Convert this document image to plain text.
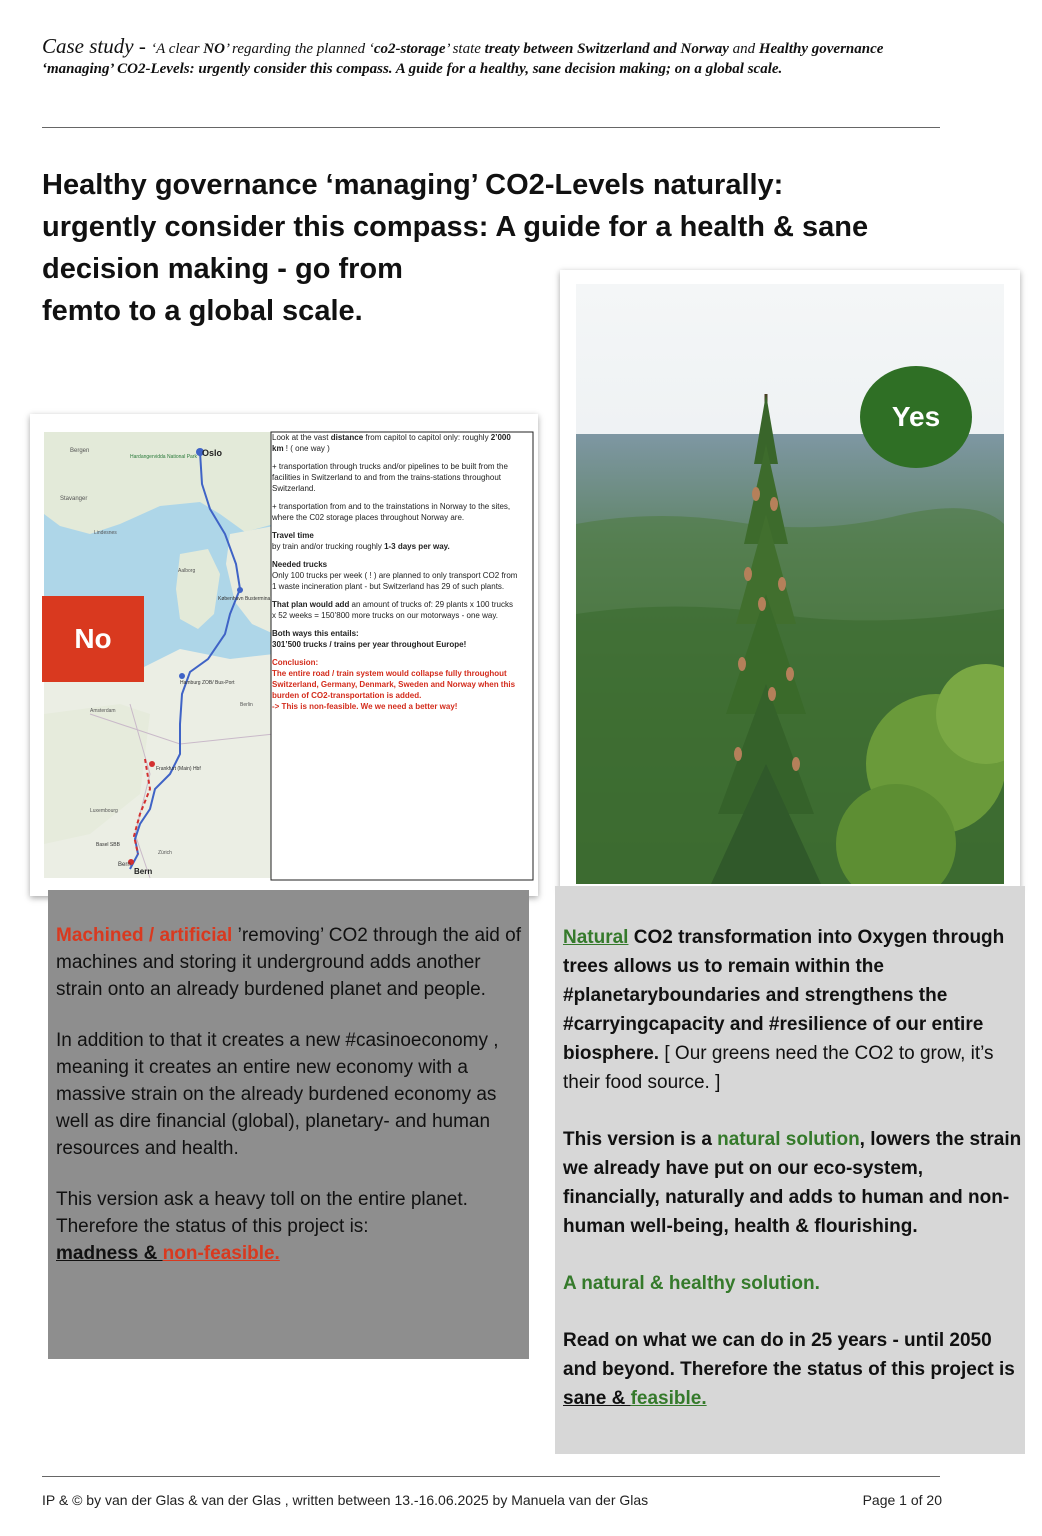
Case study - ‘A clear NO’ regarding the planned ‘co2-storage’ state treaty between Switzerland and Norway and Healthy governance ‘managing’ CO2-Levels: urgently consider this compass. A guide for a healthy, sane decision making; on a global scale.
Healthy governance ‘managing’ CO2-Levels naturally:
urgently consider this compass: A guide for a health & sane
decision making - go from
femto to a global scale.
Oslo
Bergen
Stavanger
Hardangervidda National Park
Lindesnes
Aalborg
København Busterminal
Hamburg ZOB/ Bus-Port
Amsterdam
Berlin
Frankfurt (Main) Hbf
Luxembourg
Basel SBB
Zürich
Bern
Bern

Look at the vast distance from capitol to capitol only: roughly 2’000 km ! ( one way )

+ transportation through trucks and/or pipelines to be built from the facilities in Switzerland to and from the trains-stations throughout Switzerland.

+ transportation from and to the trainstations in Norway to the sites, where the C02 storage places throughout Norway are.

Travel time
by train and/or trucking roughly 1-3 days per way.

Needed trucks
Only 100 trucks per week ( ! ) are planned to only transport CO2 from 1 waste incineration plant - but Switzerland has 29 of such plants.

That plan would add an amount of trucks of: 29 plants x 100 trucks x 52 weeks = 150’800 more trucks on our motorways - one way.

Both ways this entails:
301’500 trucks / trains per year throughout Europe!

Conclusion:
The entire road / train system would collapse fully throughout Switzerland, Germany, Denmark, Sweden and Norway when this burden of CO2-transportation is added.
-> This is non-feasible. We we need a better way!

No
Yes

Machined / artificial ’removing’ CO2 through the aid of machines and storing it underground adds another strain onto an already burdened planet and people.

In addition to that it creates a new #casinoeconomy , meaning it creates an entire new economy with a massive strain on the already burdened economy as well as dire financial (global), planetary- and human resources and health.

This version ask a heavy toll on the entire planet. Therefore the status of this project is:
madness & non-feasible.

Natural CO2 transformation into Oxygen through trees allows us to remain within the #planetaryboundaries and strengthens the #carryingcapacity and #resilience of our entire biosphere. [ Our greens need the CO2 to grow, it’s their food source. ]

This version is a natural solution, lowers the strain we already have put on our eco-system, financially, naturally and adds to human and non-human well-being, health & flourishing.

A natural & healthy solution.

Read on what we can do in 25 years - until 2050 and beyond. Therefore the status of this project is sane & feasible.

IP & © by van der Glas & van der Glas , written between 13.-16.06.2025 by Manuela van der Glas	Page 1 of 20
